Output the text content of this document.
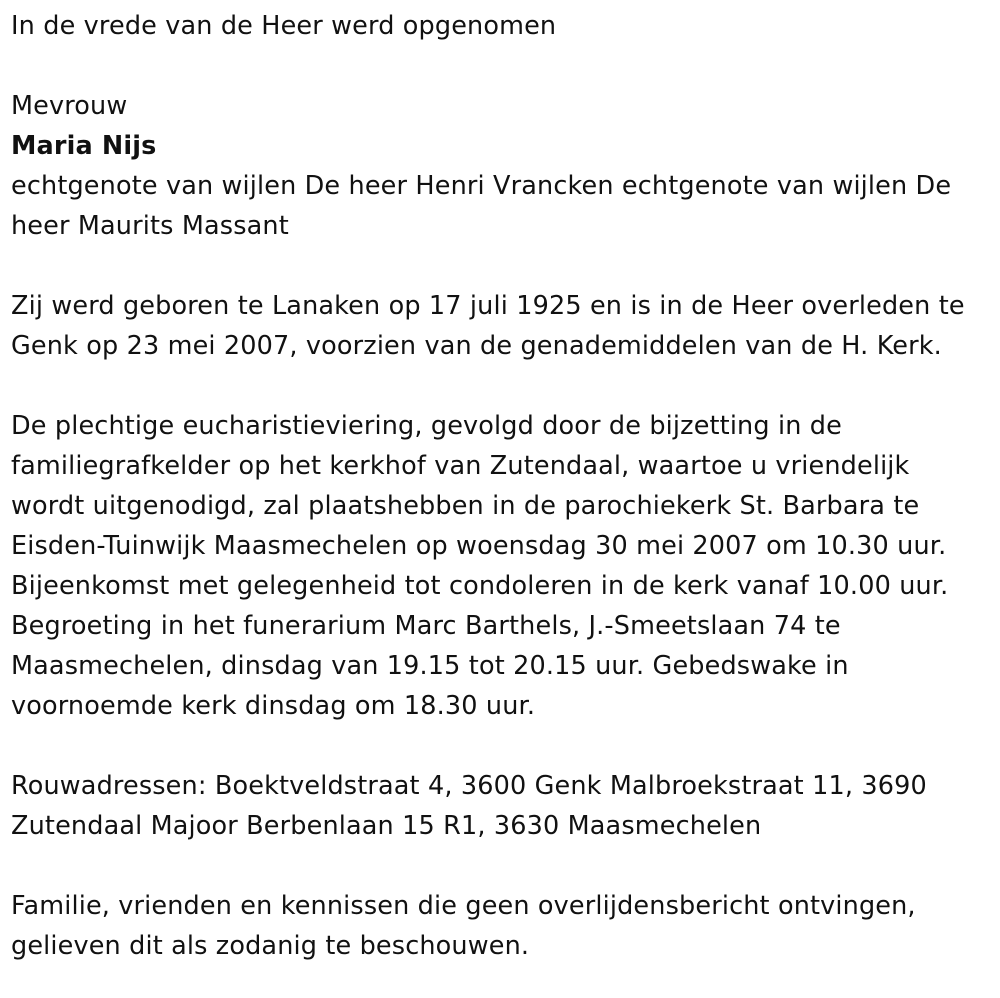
In de vrede van de Heer werd opgenomen

Mevrouw

Maria Nijs

echtgenote van wijlen De heer Henri Vrancken echtgenote van wijlen De

heer Maurits Massant

Zij werd geboren te Lanaken op 17 juli 1925 en is in de Heer overleden te

Genk op 23 mei 2007, voorzien van de genademiddelen van de H. Kerk.

De plechtige eucharistieviering, gevolgd door de bijzetting in de

familiegrafkelder op het kerkhof van Zutendaal, waartoe u vriendelijk

wordt uitgenodigd, zal plaatshebben in de parochiekerk St. Barbara te

Eisden-Tuinwijk Maasmechelen op woensdag 30 mei 2007 om 10.30 uur.

Bijeenkomst met gelegenheid tot condoleren in de kerk vanaf 10.00 uur.

Begroeting in het funerarium Marc Barthels, J.-Smeetslaan 74 te

Maasmechelen, dinsdag van 19.15 tot 20.15 uur. Gebedswake in

voornoemde kerk dinsdag om 18.30 uur.

Rouwadressen: Boektveldstraat 4, 3600 Genk Malbroekstraat 11, 3690

Zutendaal Majoor Berbenlaan 15 R1, 3630 Maasmechelen

Familie, vrienden en kennissen die geen overlijdensbericht ontvingen,

gelieven dit als zodanig te beschouwen.
